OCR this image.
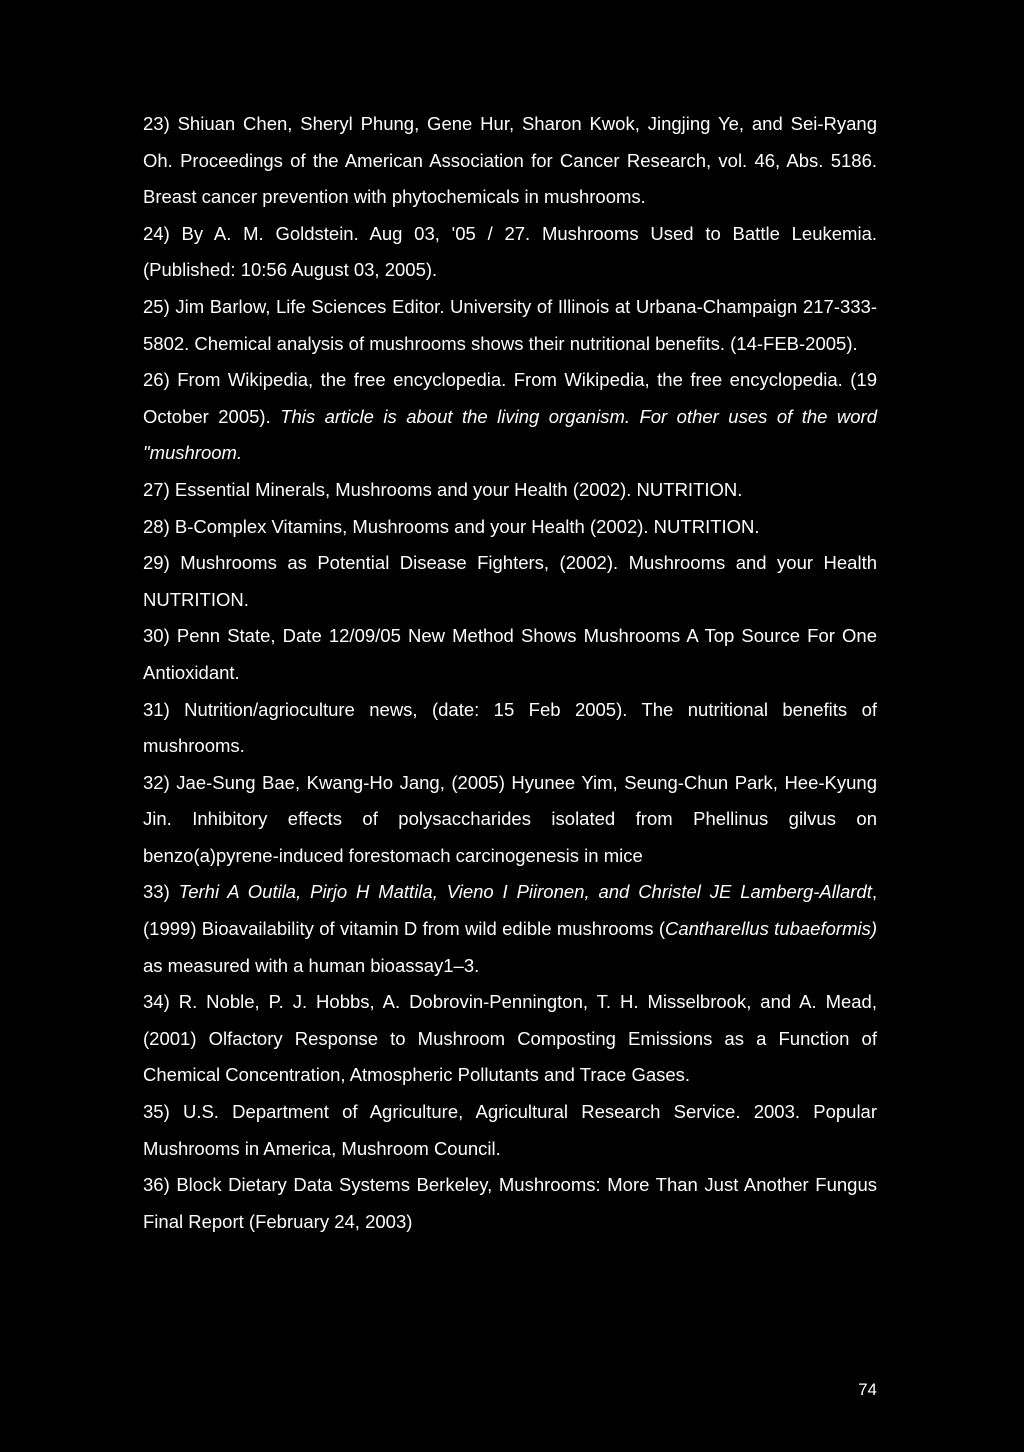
23) Shiuan Chen, Sheryl Phung, Gene Hur, Sharon Kwok, Jingjing Ye, and Sei-Ryang Oh. Proceedings of the American Association for Cancer Research, vol. 46, Abs. 5186. Breast cancer prevention with phytochemicals in mushrooms.

24) By A. M. Goldstein. Aug 03, '05 / 27. Mushrooms Used to Battle Leukemia. (Published: 10:56 August 03, 2005).

25) Jim Barlow, Life Sciences Editor. University of Illinois at Urbana-Champaign 217-333-5802. Chemical analysis of mushrooms shows their nutritional benefits. (14-FEB-2005).

26) From Wikipedia, the free encyclopedia. From Wikipedia, the free encyclopedia. (19 October 2005). This article is about the living organism. For other uses of the word "mushroom.

27) Essential Minerals, Mushrooms and your Health (2002). NUTRITION.

28) B-Complex Vitamins, Mushrooms and your Health (2002). NUTRITION.

29) Mushrooms as Potential Disease Fighters, (2002). Mushrooms and your Health NUTRITION.

30) Penn State, Date 12/09/05 New Method Shows Mushrooms A Top Source For One Antioxidant.

31) Nutrition/agrioculture news, (date: 15 Feb 2005). The nutritional benefits of mushrooms.

32) Jae-Sung Bae, Kwang-Ho Jang, (2005) Hyunee Yim, Seung-Chun Park, Hee-Kyung Jin. Inhibitory effects of polysaccharides isolated from Phellinus gilvus on benzo(a)pyrene-induced forestomach carcinogenesis in mice

33) Terhi A Outila, Pirjo H Mattila, Vieno I Piironen, and Christel JE Lamberg-Allardt, (1999) Bioavailability of vitamin D from wild edible mushrooms (Cantharellus tubaeformis) as measured with a human bioassay1–3.

34) R. Noble, P. J. Hobbs, A. Dobrovin-Pennington, T. H. Misselbrook, and A. Mead, (2001) Olfactory Response to Mushroom Composting Emissions as a Function of Chemical Concentration, Atmospheric Pollutants and Trace Gases.

35) U.S. Department of Agriculture, Agricultural Research Service. 2003. Popular Mushrooms in America, Mushroom Council.

36) Block Dietary Data Systems Berkeley, Mushrooms: More Than Just Another Fungus Final Report (February 24, 2003)

74
